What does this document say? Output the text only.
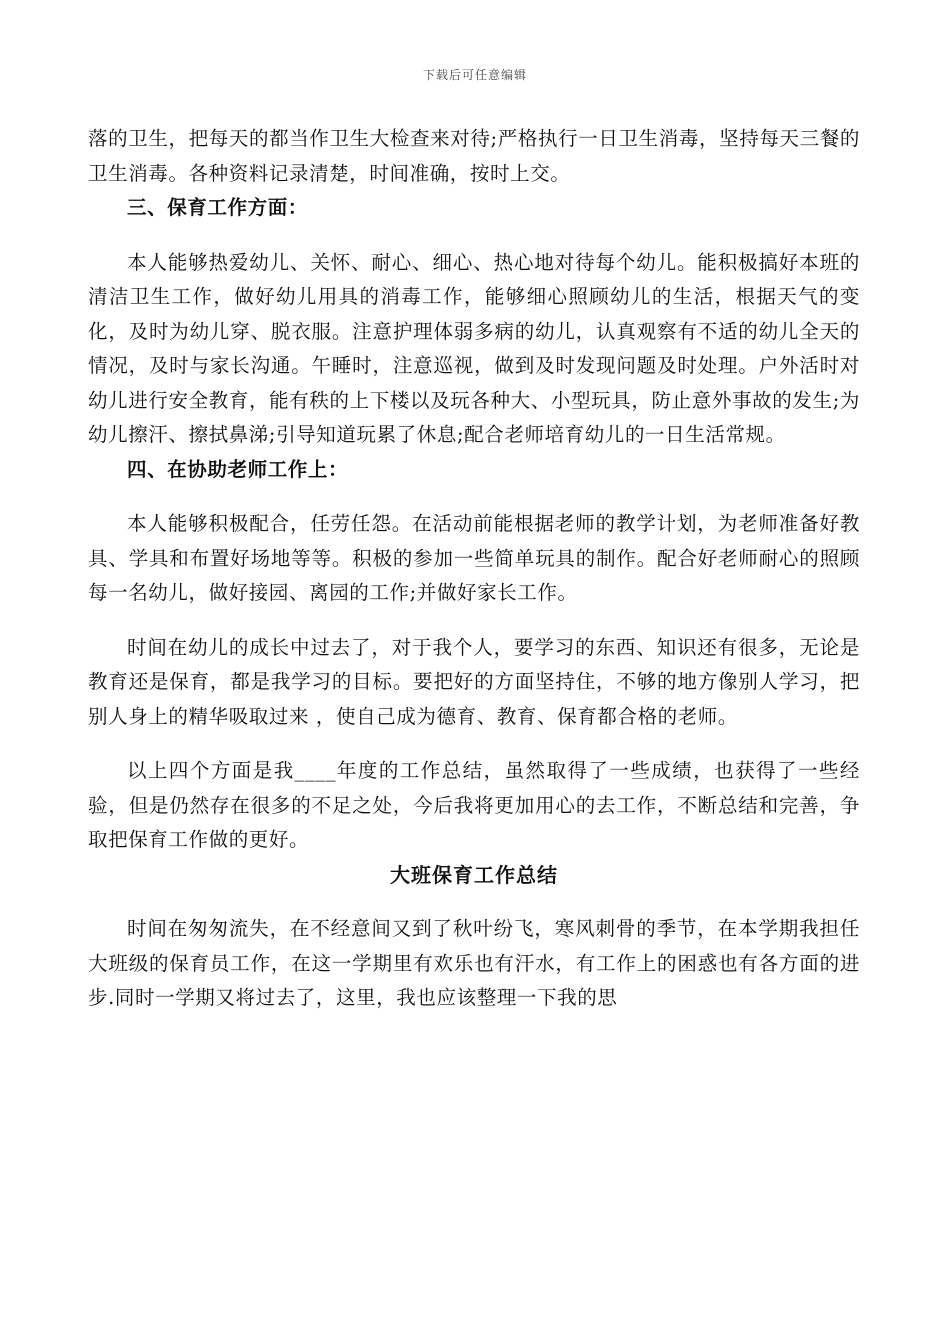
下载后可任意编辑

落的卫生，把每天的都当作卫生大检查来对待;严格执行一日卫生消毒，坚持每天三餐的卫生消毒。各种资料记录清楚，时间准确，按时上交。

三、保育工作方面：

本人能够热爱幼儿、关怀、耐心、细心、热心地对待每个幼儿。能积极搞好本班的清洁卫生工作，做好幼儿用具的消毒工作，能够细心照顾幼儿的生活，根据天气的变化，及时为幼儿穿、脱衣服。注意护理体弱多病的幼儿，认真观察有不适的幼儿全天的情况，及时与家长沟通。午睡时，注意巡视，做到及时发现问题及时处理。户外活时对幼儿进行安全教育，能有秩的上下楼以及玩各种大、小型玩具，防止意外事故的发生;为幼儿擦汗、擦拭鼻涕;引导知道玩累了休息;配合老师培育幼儿的一日生活常规。

四、在协助老师工作上：

本人能够积极配合，任劳任怨。在活动前能根据老师的教学计划，为老师准备好教具、学具和布置好场地等等。积极的参加一些简单玩具的制作。配合好老师耐心的照顾每一名幼儿，做好接园、离园的工作;并做好家长工作。

时间在幼儿的成长中过去了，对于我个人，要学习的东西、知识还有很多，无论是教育还是保育，都是我学习的目标。要把好的方面坚持住，不够的地方像别人学习，把别人身上的精华吸取过来 ，使自己成为德育、教育、保育都合格的老师。

以上四个方面是我____年度的工作总结，虽然取得了一些成绩，也获得了一些经验，但是仍然存在很多的不足之处，今后我将更加用心的去工作，不断总结和完善，争取把保育工作做的更好。

大班保育工作总结

时间在匆匆流失，在不经意间又到了秋叶纷飞，寒风刺骨的季节，在本学期我担任大班级的保育员工作，在这一学期里有欢乐也有汗水，有工作上的困惑也有各方面的进步.同时一学期又将过去了，这里，我也应该整理一下我的思
